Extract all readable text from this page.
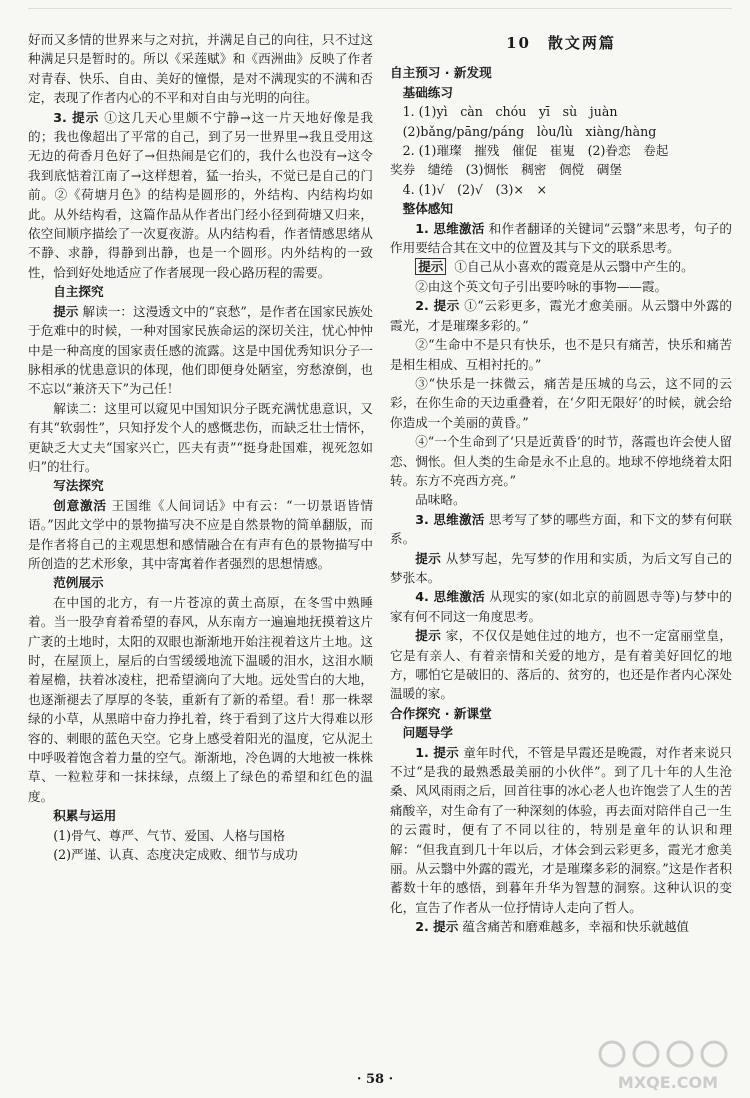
好而又多情的世界来与之对抗，并满足自己的向往，只不过这种满足只是暂时的。所以《采莲赋》和《西洲曲》反映了作者对青春、快乐、自由、美好的憧憬，是对不满现实的不满和否定，表现了作者内心的不平和对自由与光明的向往。

3. 提示 ①这几天心里颇不宁静→这一片天地好像是我的；我也像超出了平常的自己，到了另一世界里→我且受用这无边的荷香月色好了→但热闹是它们的，我什么也没有→这令我到底惦着江南了→这样想着，猛一抬头，不觉已是自己的门前。②《荷塘月色》的结构是圆形的，外结构、内结构均如此。从外结构看，这篇作品从作者出门经小径到荷塘又归来，依空间顺序描绘了一次夏夜游。从内结构看，作者情感思绪从不静、求静，得静到出静，也是一个圆形。内外结构的一致性，恰到好处地适应了作者展现一段心路历程的需要。

自主探究

提示 解读一：这漫透文中的“哀愁”，是作者在国家民族处于危难中的时候，一种对国家民族命运的深切关注，忧心忡忡中是一种高度的国家责任感的流露。这是中国优秀知识分子一脉相承的忧患意识的体现，他们即便身处陋室，穷愁潦倒，也不忘以“兼济天下”为己任！

解读二：这里可以窥见中国知识分子既充满忧患意识，又有其“软弱性”，只知抒发个人的感慨悲伤，而缺乏壮士情怀，更缺乏大丈夫“国家兴亡，匹夫有责”“挺身赴国难，视死忽如归”的壮行。

写法探究

创意激活 王国维《人间词话》中有云：“一切景语皆情语。”因此文学中的景物描写决不应是自然景物的简单翻版，而是作者将自己的主观思想和感情融合在有声有色的景物描写中所创造的艺术形象，其中寄寓着作者强烈的思想情感。

范例展示

在中国的北方，有一片苍凉的黄土高原，在冬雪中熟睡着。当一股孕育着希望的春风，从东南方一遍遍地抚摸着这片广袤的土地时，太阳的双眼也渐渐地开始注视着这片土地。这时，在屋顶上，屋后的白雪缓缓地流下温暖的泪水，这泪水顺着屋檐，扶着冰凌柱，把希望滴向了大地。远处雪白的大地，也逐渐褪去了厚厚的冬装，重新有了新的希望。看！那一株翠绿的小草，从黑暗中奋力挣扎着，终于看到了这片大得难以形容的、刺眼的蓝色天空。它身上感受着阳光的温度，它从泥土中呼吸着饱含着力量的空气。渐渐地，冷色调的大地被一株株草、一粒粒芽和一抹抹绿，点缀上了绿色的希望和红色的温度。

积累与运用

(1)骨气、尊严、气节、爱国、人格与国格

(2)严谨、认真、态度决定成败、细节与成功

10　散文两篇

自主预习 · 新发现

基础练习

1. (1)yì　càn　chóu　yī　sù　juàn

(2)bǎng/pāng/páng　lòu/lù　xiàng/hàng

2. (1)璀璨　摧残　催促　崔嵬　(2)眷恋　卷起

奖券　缱绻　(3)惆怅　稠密　倜傥　碉堡

4. (1)√　(2)√　(3)×　×

整体感知

1. 思维激活 和作者翻译的关键词“云翳”来思考，句子的作用要结合其在文中的位置及其与下文的联系思考。

提示 ①自己从小喜欢的霞竟是从云翳中产生的。

②由这个英文句子引出要吟咏的事物——霞。

2. 提示 ①“云彩更多，霞光才愈美丽。从云翳中外露的霞光，才是璀璨多彩的。”

②“生命中不是只有快乐，也不是只有痛苦，快乐和痛苦是相生相成、互相衬托的。”

③“快乐是一抹微云，痛苦是压城的乌云，这不同的云彩，在你生命的天边重叠着，在‘夕阳无限好’的时候，就会给你造成一个美丽的黄昏。”

④“一个生命到了‘只是近黄昏’的时节，落霞也许会使人留恋、惆怅。但人类的生命是永不止息的。地球不停地绕着太阳转。东方不亮西方亮。”

品味略。

3. 思维激活 思考写了梦的哪些方面，和下文的梦有何联系。

提示 从梦写起，先写梦的作用和实质，为后文写自己的梦张本。

4. 思维激活 从现实的家(如北京的前圆恩寺等)与梦中的家有何不同这一角度思考。

提示 家，不仅仅是她住过的地方，也不一定富丽堂皇，它是有亲人、有着亲情和关爱的地方，是有着美好回忆的地方，哪怕它是破旧的、落后的、贫穷的，也还是作者内心深处温暖的家。

合作探究 · 新课堂

问题导学

1. 提示 童年时代，不管是早霞还是晚霞，对作者来说只不过“是我的最熟悉最美丽的小伙伴”。到了几十年的人生沧桑、风风雨雨之后，回首往事的冰心老人也许饱尝了人生的苦痛酸辛，对生命有了一种深刻的体验，再去面对陪伴自己一生的云霞时，便有了不同以往的，特别是童年的认识和理解：“但我直到几十年以后，才体会到云彩更多，霞光才愈美丽。从云翳中外露的霞光，才是璀璨多彩的洞察。”这是作者积蓄数十年的感悟，到暮年升华为智慧的洞察。这种认识的变化，宣告了作者从一位抒情诗人走向了哲人。

2. 提示 蕴含痛苦和磨难越多，幸福和快乐就越值

· 58 ·	MXQE.COM
